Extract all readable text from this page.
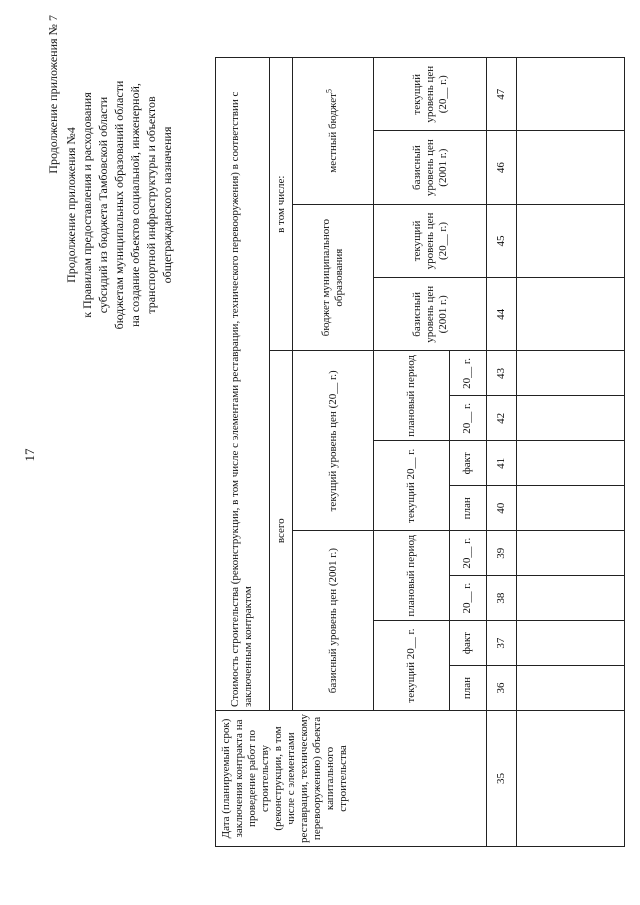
17
Продолжение приложения № 7
Продолжение приложения №4 к Правилам предоставления и расходования субсидий из бюджета Тамбовской области бюджетам муниципальных образований области на создание объектов социальной, инженерной, транспортной инфраструктуры и объектов общегражданского назначения
Дата (планируемый срок) заключения контракта на проведение работ по строительству (реконструкции, в том числе с элементами реставрации, техническому перевооружению) объекта капитального строительства	Стоимость строительства (реконструкции, в том числе с элементами реставрации, технического перевооружения) в соответствии с заключенным контрактом											
	всего								в том числе:			
	базисный уровень цен (2001 г.)				текущий уровень цен (20__ г.)				бюджет муниципального образования		местный бюджет$^5$
	текущий 20__ г.		плановый период		текущий 20__ г.		плановый период		базисный уровень цен (2001 г.)	текущий уровень цен (20__ г.)	базисный уровень цен (2001 г.)	текущий уровень цен (20__ г.)
	план	факт	20__ г.	20__ г.	план	факт	20__ г.	20__ г.				
35	36	37	38	39	40	41	42	43	44	45	46	47
